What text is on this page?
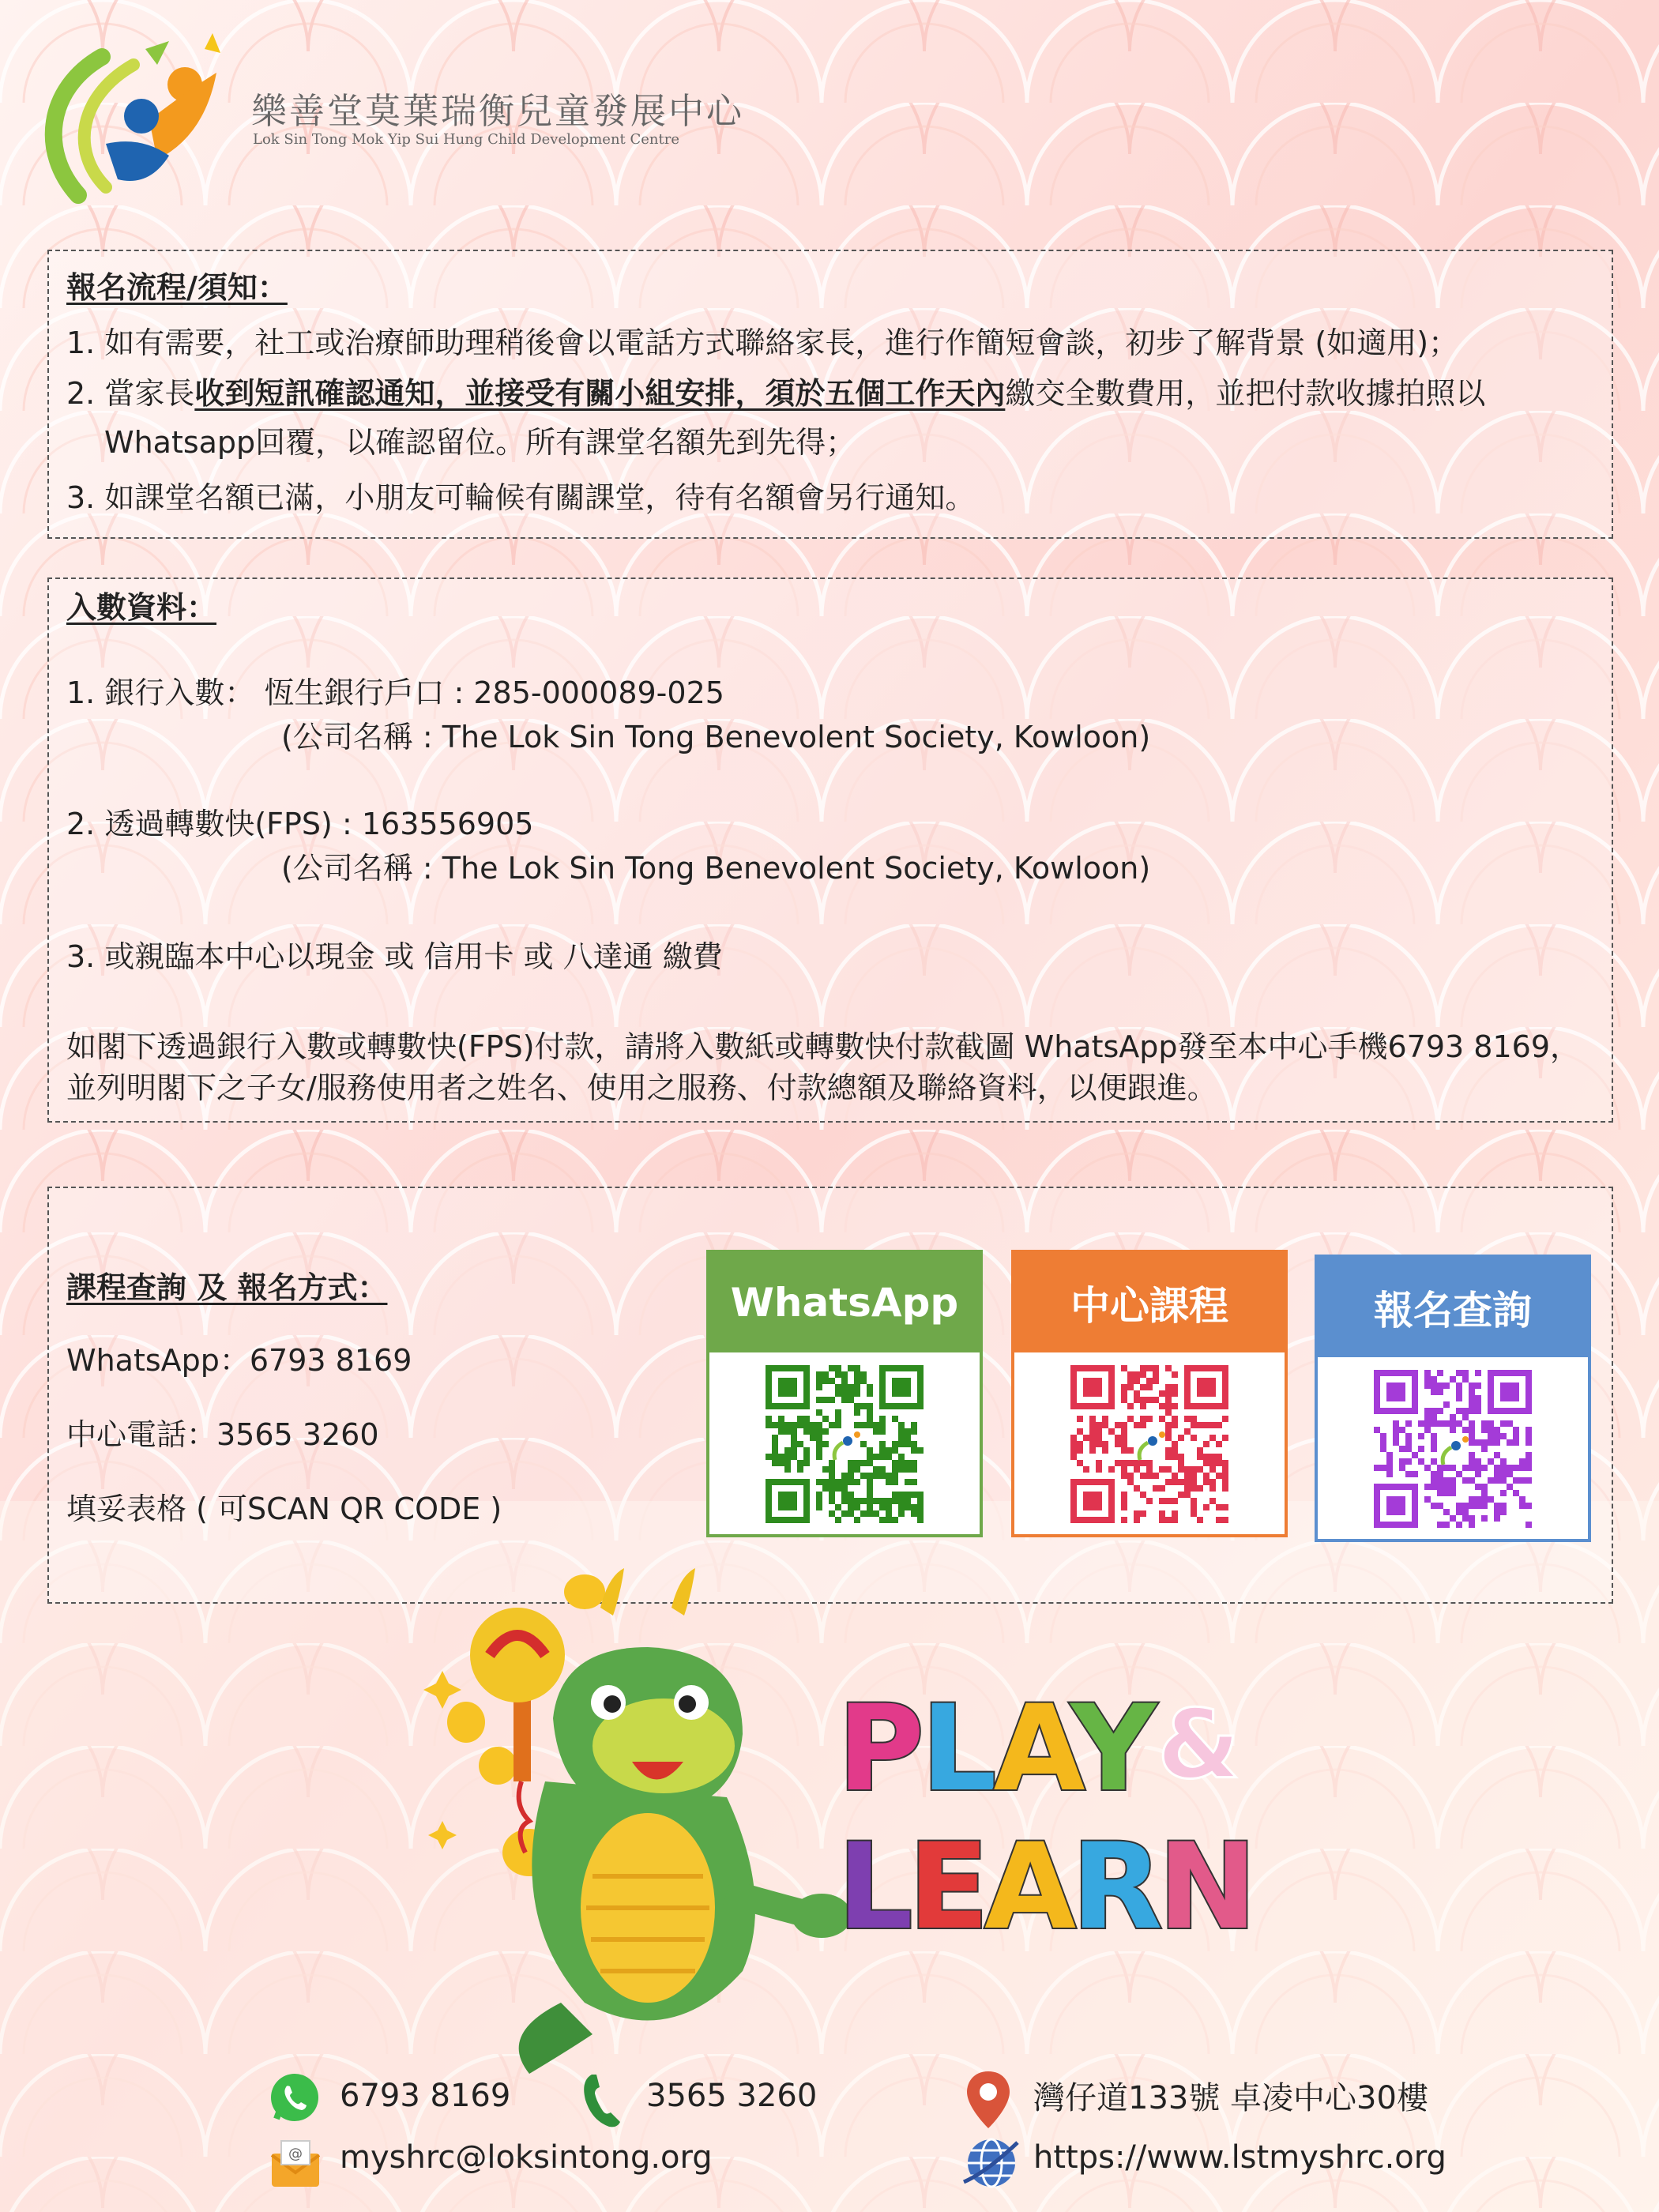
樂善堂莫葉瑞衡兒童發展中心
Lok Sin Tong Mok Yip Sui Hung Child Development Centre
報名流程/須知：
1. 如有需要，社工或治療師助理稍後會以電話方式聯絡家長，進行作簡短會談，初步了解背景 (如適用)；
2. 當家長收到短訊確認通知，並接受有關小組安排，須於五個工作天內繳交全數費用，並把付款收據拍照以
Whatsapp回覆，以確認留位。所有課堂名額先到先得；
3. 如課堂名額已滿，小朋友可輪候有關課堂，待有名額會另行通知。
入數資料：
1. 銀行入數： 恆生銀行戶口 : 285-000089-025
(公司名稱 : The Lok Sin Tong Benevolent Society, Kowloon)
2. 透過轉數快(FPS) : 163556905
(公司名稱 : The Lok Sin Tong Benevolent Society, Kowloon)
3. 或親臨本中心以現金 或 信用卡 或 八達通 繳費
如閣下透過銀行入數或轉數快(FPS)付款，請將入數紙或轉數快付款截圖 WhatsApp發至本中心手機6793 8169，
並列明閣下之子女/服務使用者之姓名、使用之服務、付款總額及聯絡資料，以便跟進。
課程查詢 及 報名方式：
WhatsApp：6793 8169
中心電話：3565 3260
填妥表格 ( 可SCAN QR CODE )
WhatsApp	中心課程	報名查詢
PLAY &
LEARN
6793 8169	3565 3260	灣仔道133號 卓凌中心30樓
@ myshrc@loksintong.org	https://www.lstmyshrc.org
